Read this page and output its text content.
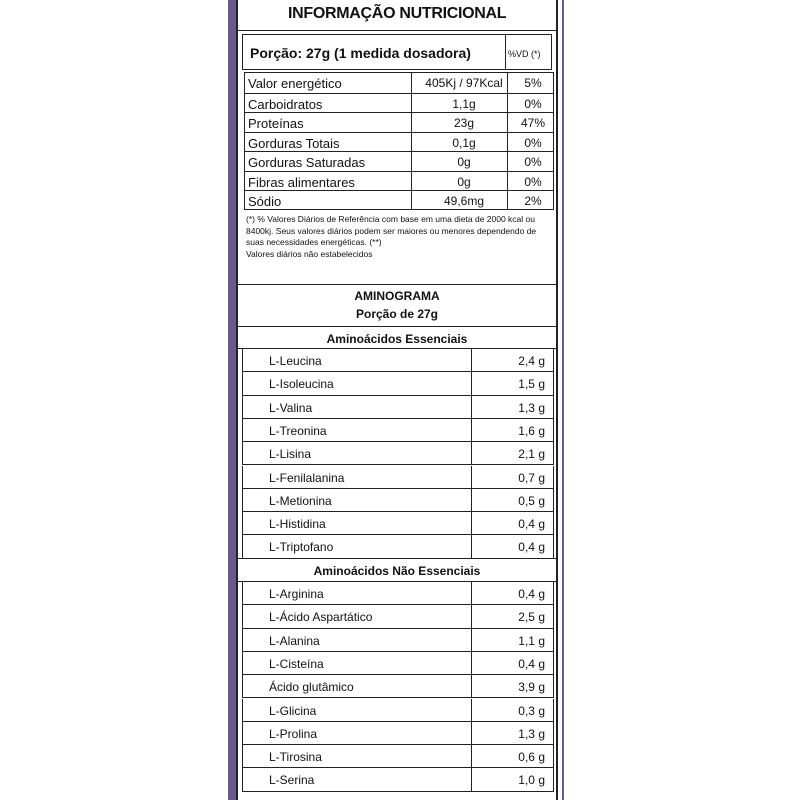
INFORMAÇÃO NUTRICIONAL
Porção: 27g (1 medida dosadora)	%VD (*)
Valor energético	405Kj / 97Kcal	5%
Carboidratos	1,1g	0%
Proteínas	23g	47%
Gorduras Totais	0,1g	0%
Gorduras Saturadas	0g	0%
Fibras alimentares	0g	0%
Sódio	49,6mg	2%
(*) % Valores Diários de Referência com base em uma dieta de 2000 kcal ou 8400kj. Seus valores diários podem ser maiores ou menores dependendo de suas necessidades energéticas. (**)
Valores diários não estabelecidos
AMINOGRAMA
Porção de 27g
Aminoácidos Essenciais
L-Leucina	2,4 g
L-Isoleucina	1,5 g
L-Valina	1,3 g
L-Treonina	1,6 g
L-Lisina	2,1 g
L-Fenilalanina	0,7 g
L-Metionina	0,5 g
L-Histidina	0,4 g
L-Triptofano	0,4 g
Aminoácidos Não Essenciais
L-Arginina	0,4 g
L-Ácido Aspartático	2,5 g
L-Alanina	1,1 g
L-Cisteína	0,4 g
Ácido glutâmico	3,9 g
L-Glicina	0,3 g
L-Prolina	1,3 g
L-Tirosina	0,6 g
L-Serina	1,0 g
